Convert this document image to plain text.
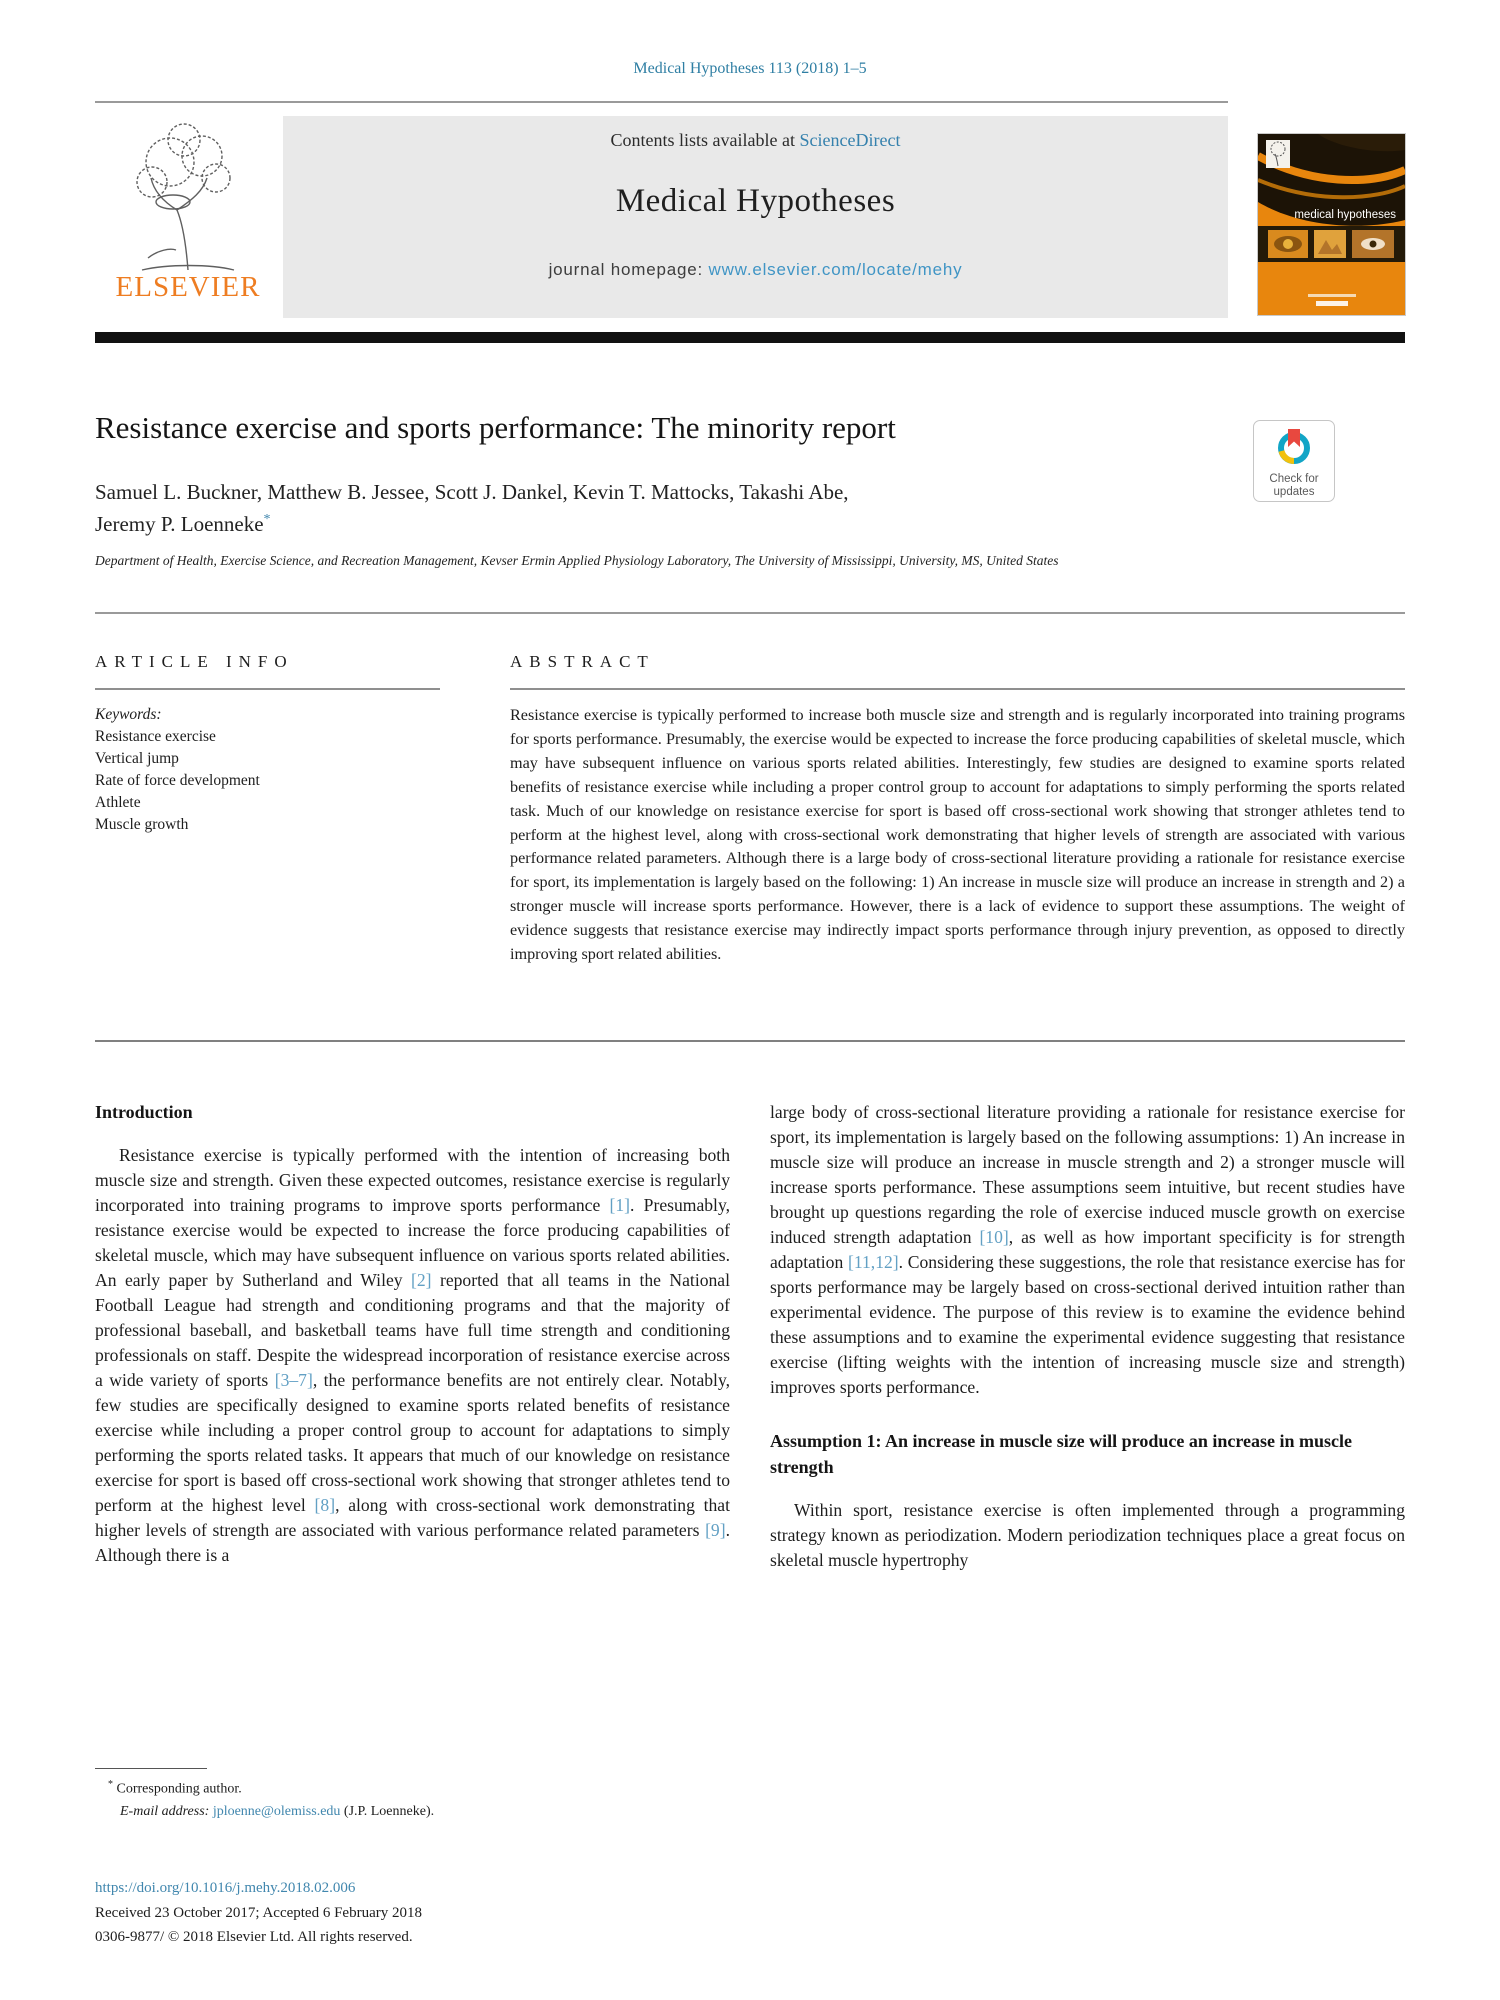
Medical Hypotheses 113 (2018) 1–5
ELSEVIER
Contents lists available at ScienceDirect
Medical Hypotheses
journal homepage: www.elsevier.com/locate/mehy
medical hypotheses
Resistance exercise and sports performance: The minority report
Check for
updates
Samuel L. Buckner, Matthew B. Jessee, Scott J. Dankel, Kevin T. Mattocks, Takashi Abe,
Jeremy P. Loenneke*
Department of Health, Exercise Science, and Recreation Management, Kevser Ermin Applied Physiology Laboratory, The University of Mississippi, University, MS, United States
ARTICLE INFO
Keywords:
Resistance exercise
Vertical jump
Rate of force development
Athlete
Muscle growth
ABSTRACT
Resistance exercise is typically performed to increase both muscle size and strength and is regularly incorporated into training programs for sports performance. Presumably, the exercise would be expected to increase the force producing capabilities of skeletal muscle, which may have subsequent influence on various sports related abilities. Interestingly, few studies are designed to examine sports related benefits of resistance exercise while including a proper control group to account for adaptations to simply performing the sports related task. Much of our knowledge on resistance exercise for sport is based off cross-sectional work showing that stronger athletes tend to perform at the highest level, along with cross-sectional work demonstrating that higher levels of strength are associated with various performance related parameters. Although there is a large body of cross-sectional literature providing a rationale for resistance exercise for sport, its implementation is largely based on the following: 1) An increase in muscle size will produce an increase in strength and 2) a stronger muscle will increase sports performance. However, there is a lack of evidence to support these assumptions. The weight of evidence suggests that resistance exercise may indirectly impact sports performance through injury prevention, as opposed to directly improving sport related abilities.
Introduction
Resistance exercise is typically performed with the intention of increasing both muscle size and strength. Given these expected outcomes, resistance exercise is regularly incorporated into training programs to improve sports performance [1]. Presumably, resistance exercise would be expected to increase the force producing capabilities of skeletal muscle, which may have subsequent influence on various sports related abilities. An early paper by Sutherland and Wiley [2] reported that all teams in the National Football League had strength and conditioning programs and that the majority of professional baseball, and basketball teams have full time strength and conditioning professionals on staff. Despite the widespread incorporation of resistance exercise across a wide variety of sports [3–7], the performance benefits are not entirely clear. Notably, few studies are specifically designed to examine sports related benefits of resistance exercise while including a proper control group to account for adaptations to simply performing the sports related tasks. It appears that much of our knowledge on resistance exercise for sport is based off cross-sectional work showing that stronger athletes tend to perform at the highest level [8], along with cross-sectional work demonstrating that higher levels of strength are associated with various performance related parameters [9]. Although there is a
large body of cross-sectional literature providing a rationale for resistance exercise for sport, its implementation is largely based on the following assumptions: 1) An increase in muscle size will produce an increase in muscle strength and 2) a stronger muscle will increase sports performance. These assumptions seem intuitive, but recent studies have brought up questions regarding the role of exercise induced muscle growth on exercise induced strength adaptation [10], as well as how important specificity is for strength adaptation [11,12]. Considering these suggestions, the role that resistance exercise has for sports performance may be largely based on cross-sectional derived intuition rather than experimental evidence. The purpose of this review is to examine the evidence behind these assumptions and to examine the experimental evidence suggesting that resistance exercise (lifting weights with the intention of increasing muscle size and strength) improves sports performance.
Assumption 1: An increase in muscle size will produce an increase in muscle strength
Within sport, resistance exercise is often implemented through a programming strategy known as periodization. Modern periodization techniques place a great focus on skeletal muscle hypertrophy
* Corresponding author.
E-mail address: jploenne@olemiss.edu (J.P. Loenneke).
https://doi.org/10.1016/j.mehy.2018.02.006
Received 23 October 2017; Accepted 6 February 2018
0306-9877/ © 2018 Elsevier Ltd. All rights reserved.
